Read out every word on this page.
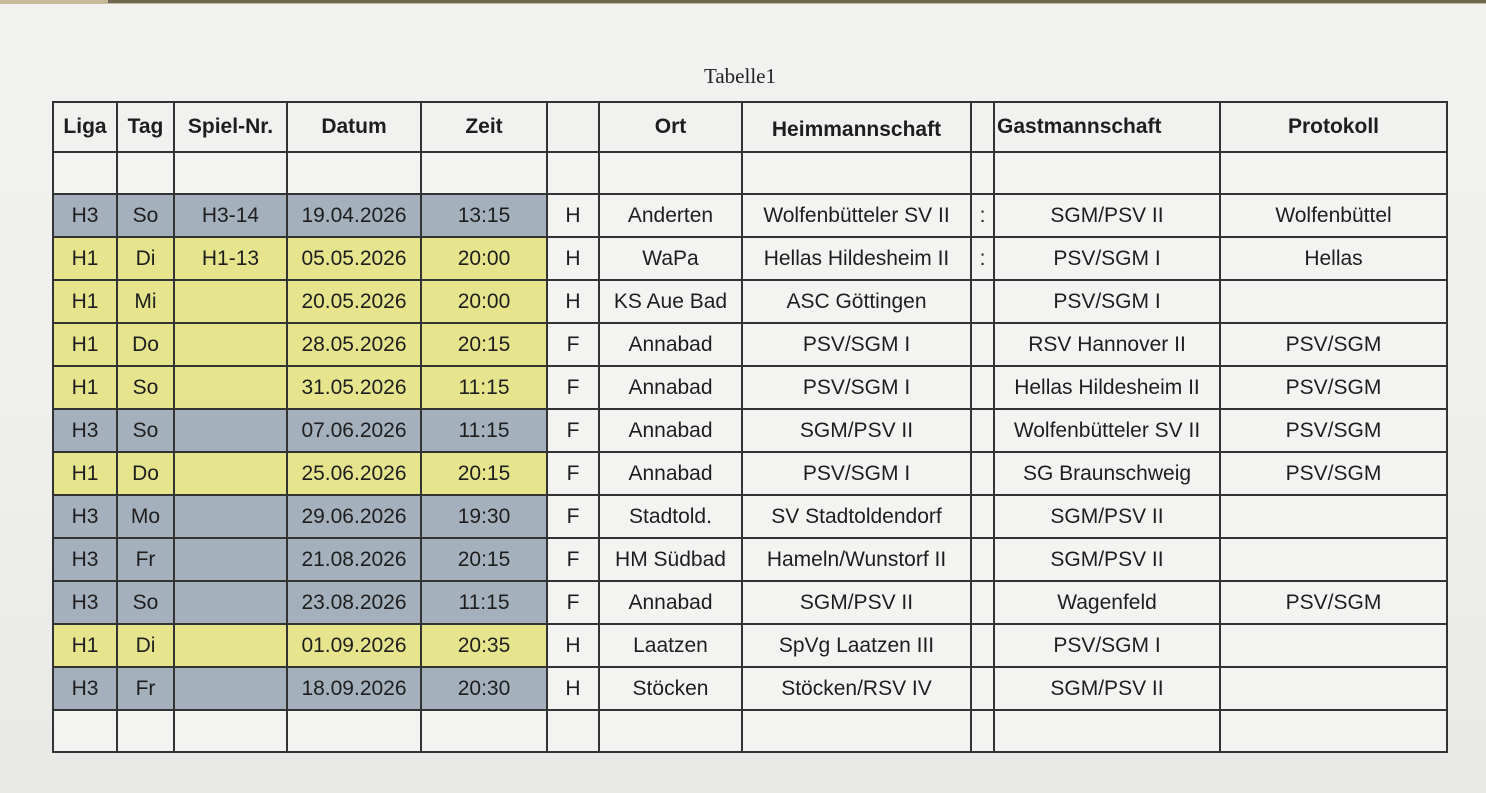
Tabelle1
Liga	Tag	Spiel-Nr.	Datum	Zeit		Ort	Heimmannschaft		Gastmannschaft	Protokoll

H3	So	H3-14	19.04.2026	13:15	H	Anderten	Wolfenbütteler SV II	:	SGM/PSV II	Wolfenbüttel
H1	Di	H1-13	05.05.2026	20:00	H	WaPa	Hellas Hildesheim II	:	PSV/SGM I	Hellas
H1	Mi		20.05.2026	20:00	H	KS Aue Bad	ASC Göttingen		PSV/SGM I	
H1	Do		28.05.2026	20:15	F	Annabad	PSV/SGM I		RSV Hannover II	PSV/SGM
H1	So		31.05.2026	11:15	F	Annabad	PSV/SGM I		Hellas Hildesheim II	PSV/SGM
H3	So		07.06.2026	11:15	F	Annabad	SGM/PSV II		Wolfenbütteler SV II	PSV/SGM
H1	Do		25.06.2026	20:15	F	Annabad	PSV/SGM I		SG Braunschweig	PSV/SGM
H3	Mo		29.06.2026	19:30	F	Stadtold.	SV Stadtoldendorf		SGM/PSV II	
H3	Fr		21.08.2026	20:15	F	HM Südbad	Hameln/Wunstorf II		SGM/PSV II	
H3	So		23.08.2026	11:15	F	Annabad	SGM/PSV II		Wagenfeld	PSV/SGM
H1	Di		01.09.2026	20:35	H	Laatzen	SpVg Laatzen III		PSV/SGM I	
H3	Fr		18.09.2026	20:30	H	Stöcken	Stöcken/RSV IV		SGM/PSV II	
